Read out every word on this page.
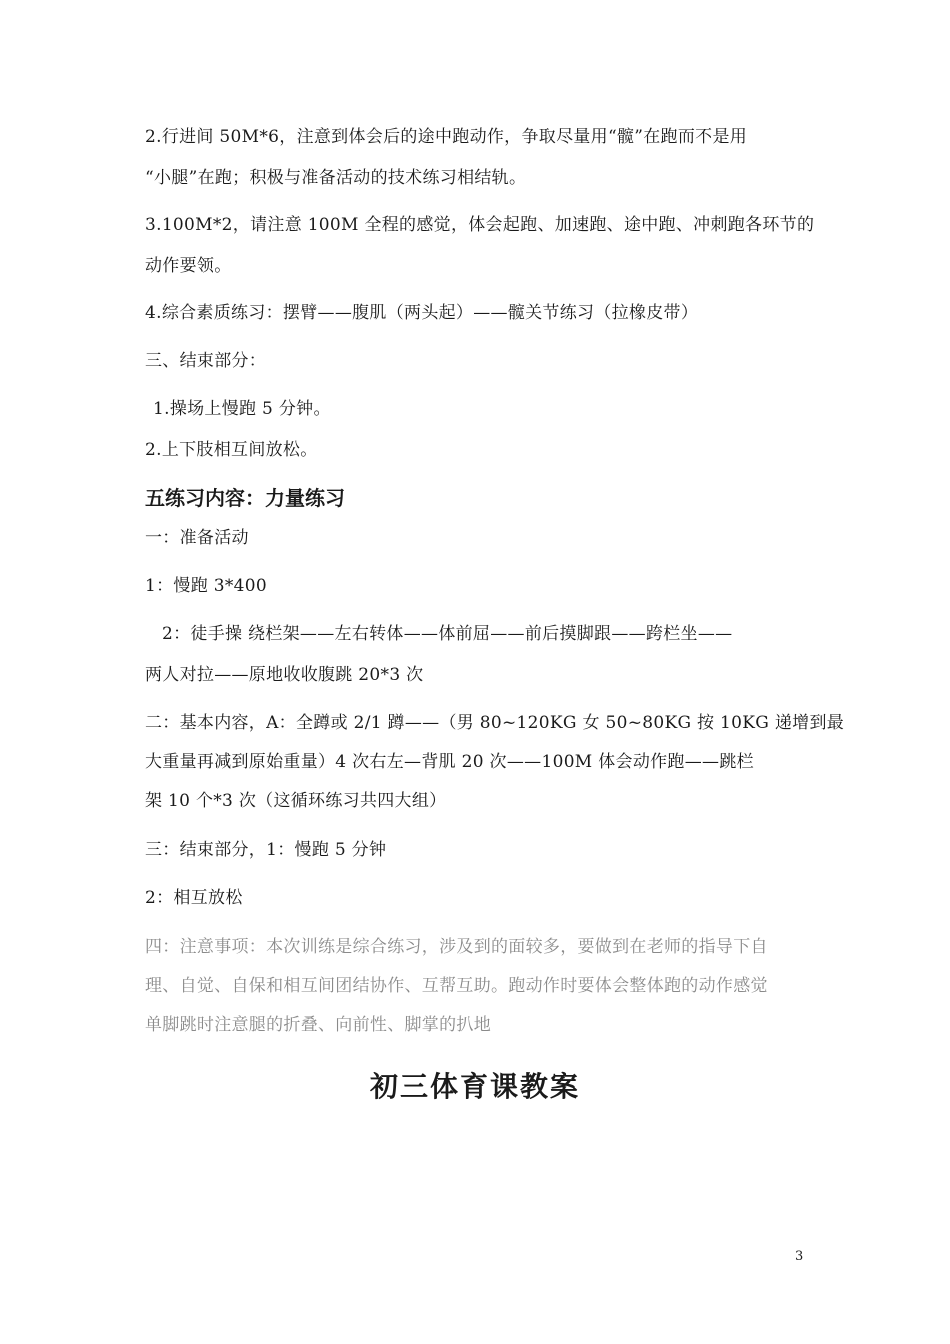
2.行进间 50M*6，注意到体会后的途中跑动作，争取尽量用“髋”在跑而不是用
“小腿”在跑；积极与准备活动的技术练习相结轨。
3.100M*2，请注意 100M 全程的感觉，体会起跑、加速跑、途中跑、冲刺跑各环节的
动作要领。
4.综合素质练习：摆臂——腹肌（两头起）——髋关节练习（拉橡皮带）
三、结束部分：
1.操场上慢跑 5 分钟。
2.上下肢相互间放松。
五练习内容：力量练习
一：准备活动
1：慢跑 3*400
2：徒手操 绕栏架——左右转体——体前屈——前后摸脚跟——跨栏坐——
两人对拉——原地收收腹跳 20*3 次
二：基本内容，A：全蹲或 2/1 蹲——（男 80~120KG 女 50~80KG 按 10KG 递增到最
大重量再减到原始重量）4 次右左—背肌 20 次——100M 体会动作跑——跳栏
架 10 个*3 次（这循环练习共四大组）
三：结束部分，1：慢跑 5 分钟
2：相互放松
四：注意事项：本次训练是综合练习，涉及到的面较多，要做到在老师的指导下自
理、自觉、自保和相互间团结协作、互帮互助。跑动作时要体会整体跑的动作感觉
单脚跳时注意腿的折叠、向前性、脚掌的扒地
初三体育课教案
3
